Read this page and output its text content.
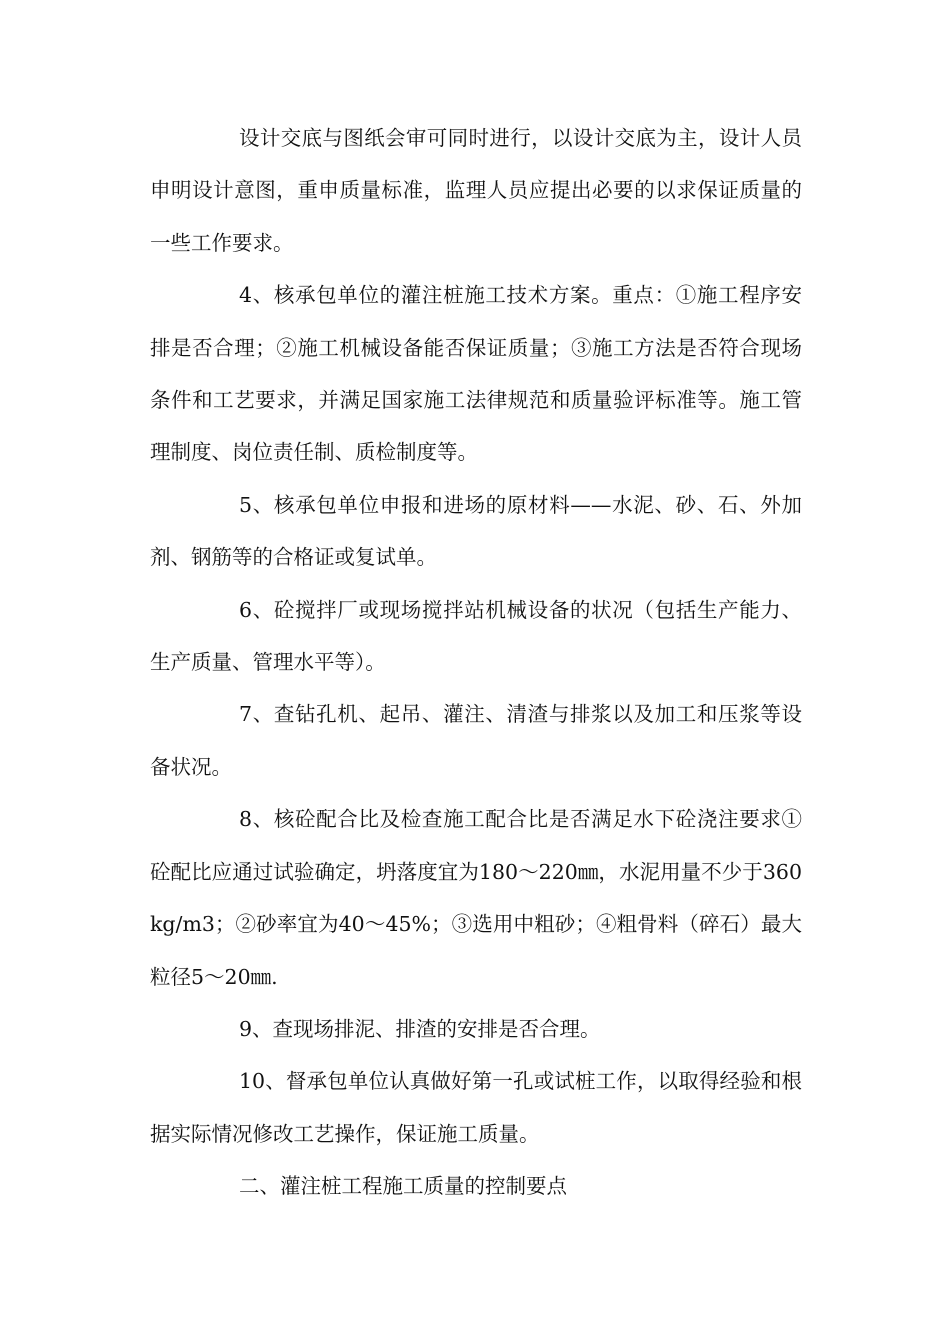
设计交底与图纸会审可同时进行，以设计交底为主，设计人员申明设计意图，重申质量标准，监理人员应提出必要的以求保证质量的一些工作要求。

4、核承包单位的灌注桩施工技术方案。重点：①施工程序安排是否合理；②施工机械设备能否保证质量；③施工方法是否符合现场条件和工艺要求，并满足国家施工法律规范和质量验评标准等。施工管理制度、岗位责任制、质检制度等。

5、核承包单位申报和进场的原材料——水泥、砂、石、外加剂、钢筋等的合格证或复试单。

6、砼搅拌厂或现场搅拌站机械设备的状况（包括生产能力、生产质量、管理水平等）。

7、查钻孔机、起吊、灌注、清渣与排浆以及加工和压浆等设备状况。

8、核砼配合比及检查施工配合比是否满足水下砼浇注要求①砼配比应通过试验确定，坍落度宜为180～220㎜，水泥用量不少于360kg/m3；②砂率宜为40～45%；③选用中粗砂；④粗骨料（碎石）最大粒径5～20㎜.

9、查现场排泥、排渣的安排是否合理。

10、督承包单位认真做好第一孔或试桩工作，以取得经验和根据实际情况修改工艺操作，保证施工质量。

二、灌注桩工程施工质量的控制要点
